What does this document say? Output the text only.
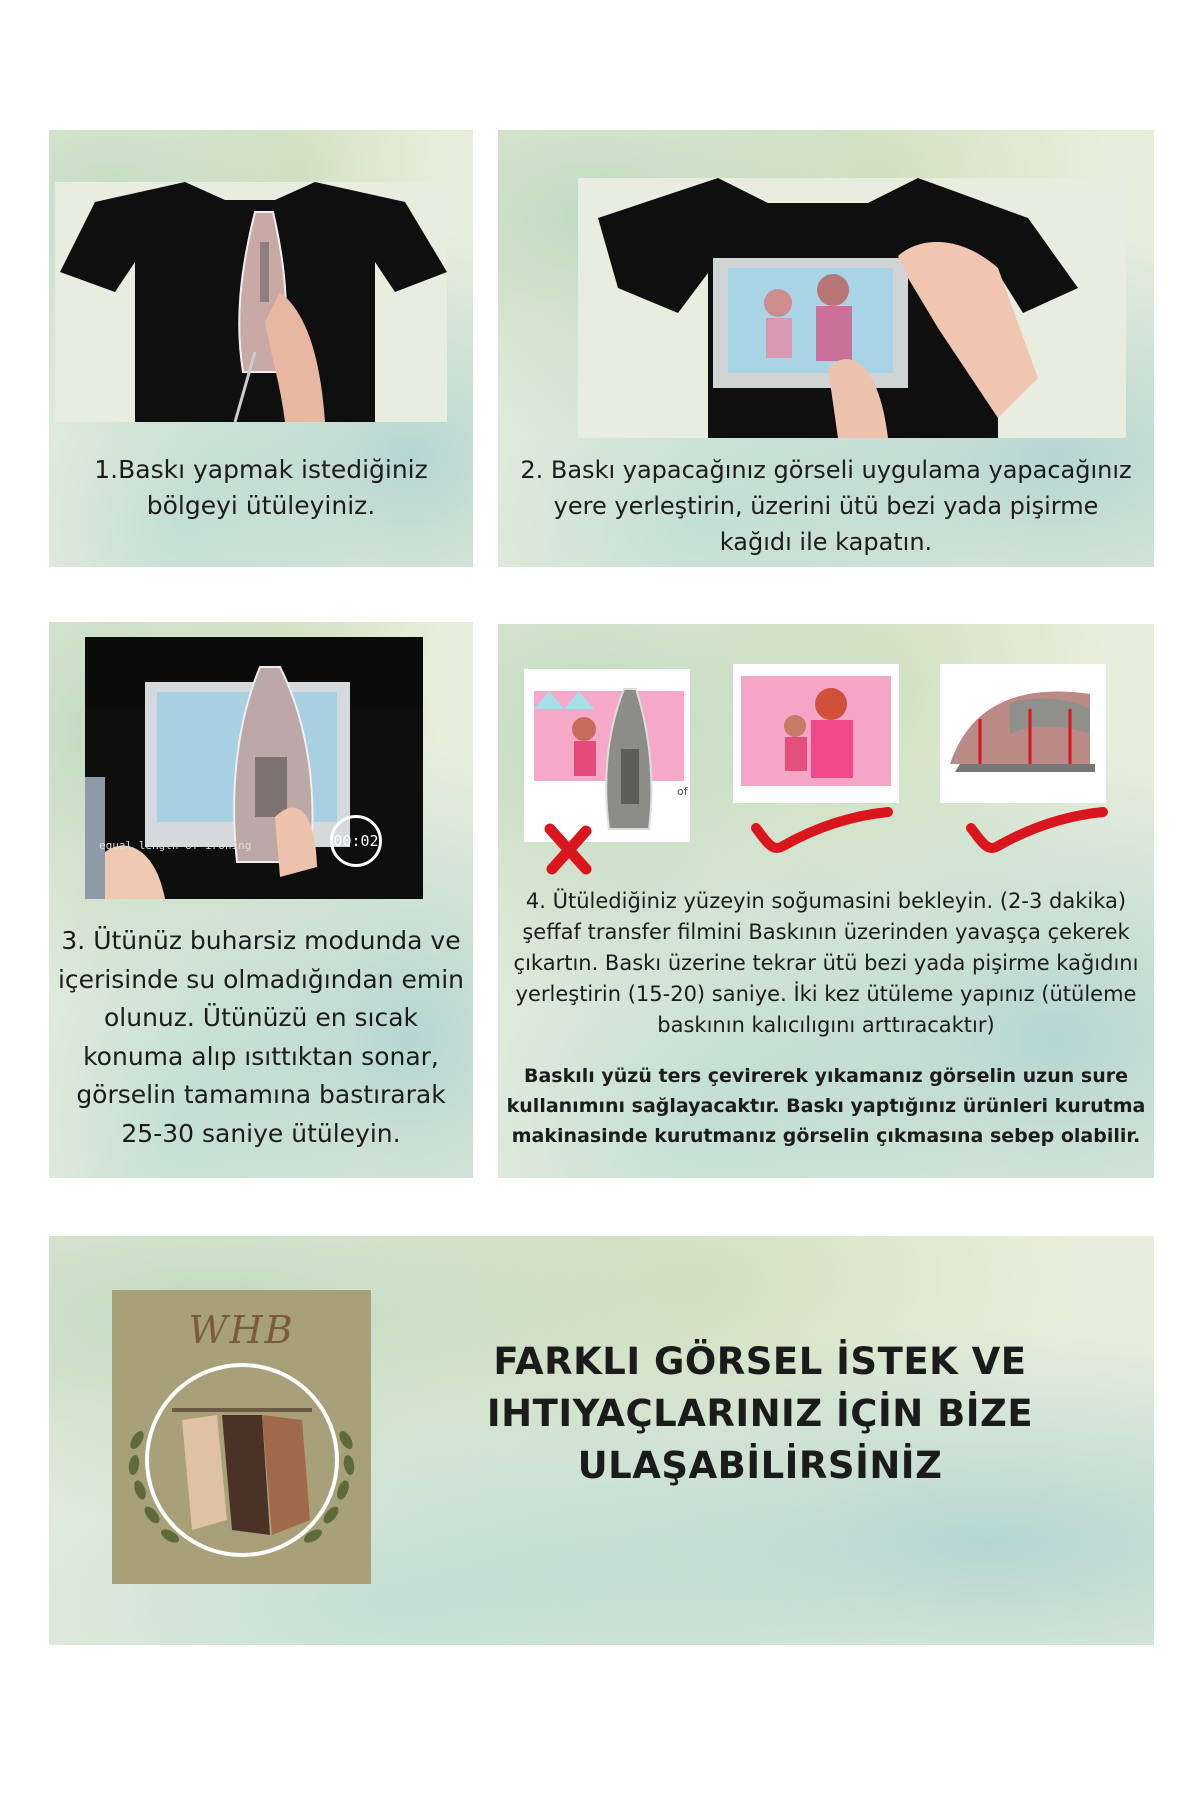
1.Baskı yapmak istediğiniz
bölgeyi ütüleyiniz.
2. Baskı yapacağınız görseli uygulama yapacağınız
yere yerleştirin, üzerini ütü bezi yada pişirme
kağıdı ile kapatın.
equal length of ironing	00:02
3. Ütünüz buharsiz modunda ve
içerisinde su olmadığından emin
olunuz. Ütünüzü en sıcak
konuma alıp ısıttıktan sonar,
görselin tamamına bastırarak
25-30 saniye ütüleyin.
of
4. Ütülediğiniz yüzeyin soğumasini bekleyin. (2-3 dakika)
şeffaf transfer filmini Baskının üzerinden yavaşça çekerek
çıkartın. Baskı üzerine tekrar ütü bezi yada pişirme kağıdını
yerleştirin (15-20) saniye. İki kez ütüleme yapınız (ütüleme
baskının kalıcılıgını arttıracaktır)
Baskılı yüzü ters çevirerek yıkamanız görselin uzun sure
kullanımını sağlayacaktır. Baskı yaptığınız ürünleri kurutma
makinasinde kurutmanız görselin çıkmasına sebep olabilir.
WHB
FARKLI GÖRSEL İSTEK VE
IHTIYAÇLARINIZ İÇİN BİZE
ULAŞABİLİRSİNİZ
